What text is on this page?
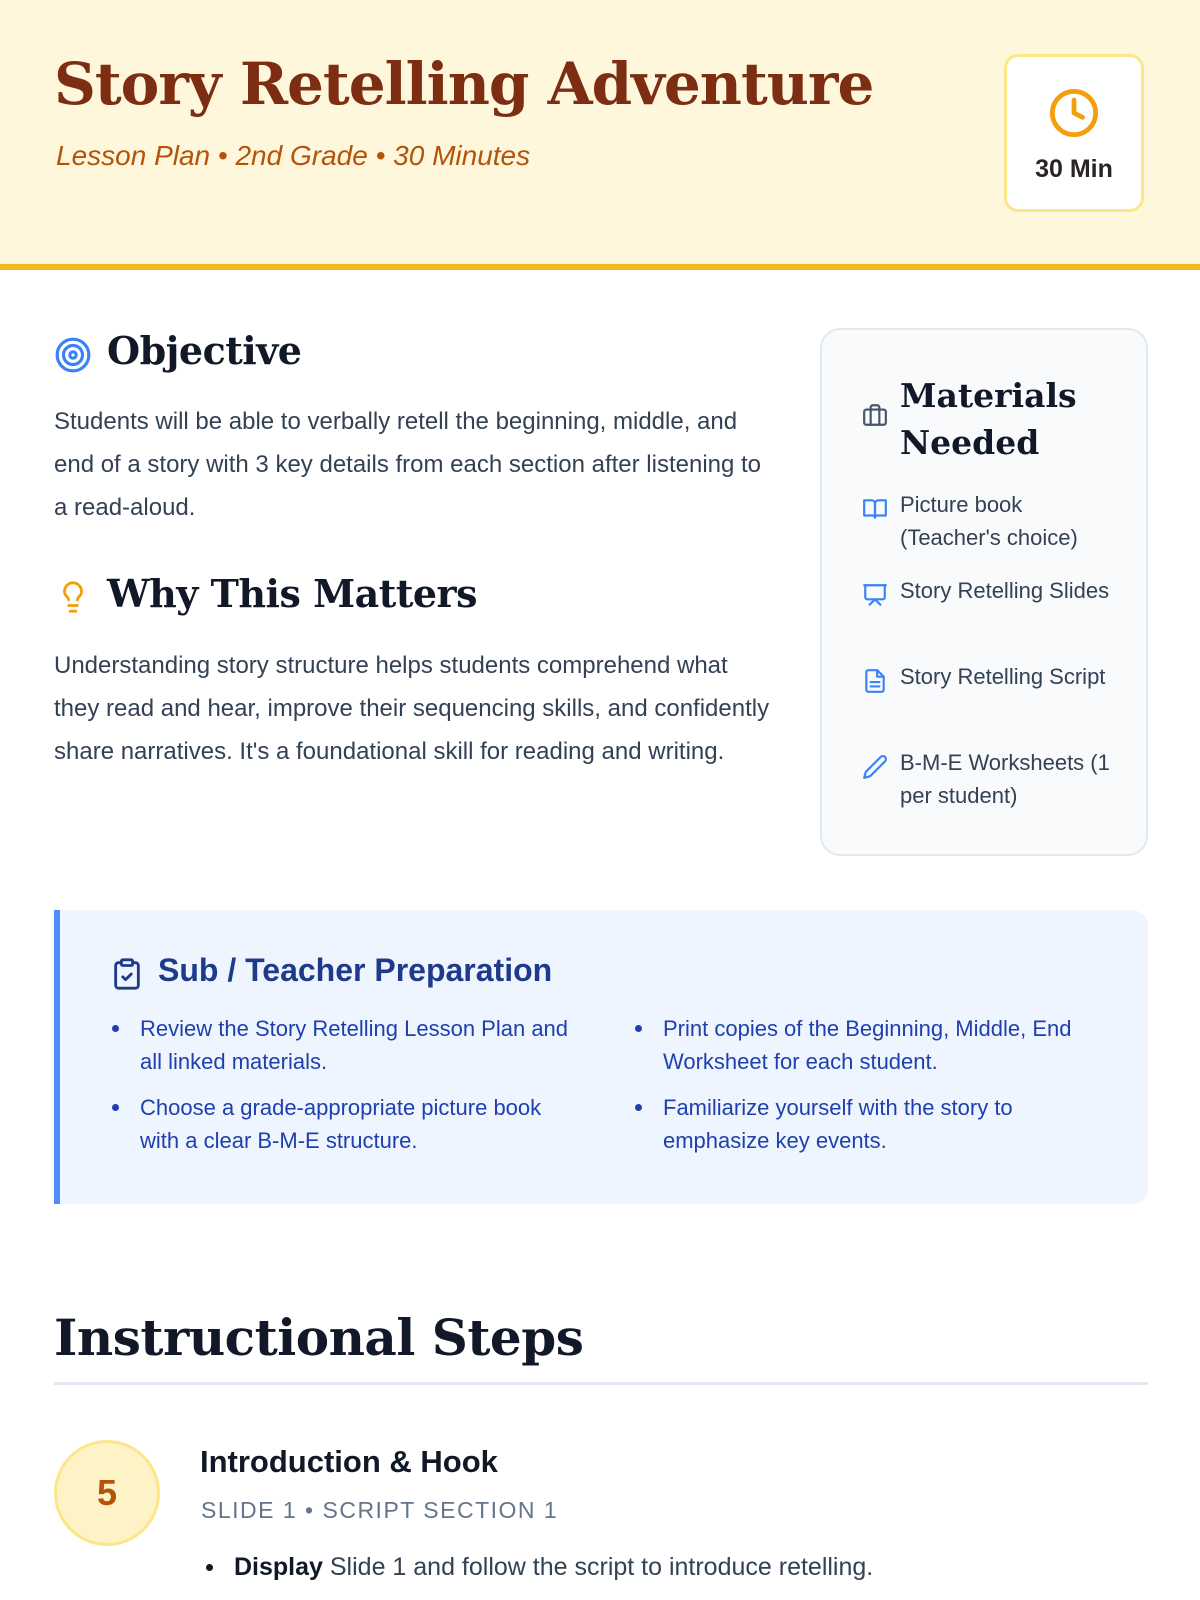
Story Retelling Adventure
Lesson Plan • 2nd Grade • 30 Minutes	30 Min
Objective

Students will be able to verbally retell the beginning, middle, and end of a story with 3 key details from each section after listening to a read-aloud.

Why This Matters

Understanding story structure helps students comprehend what they read and hear, improve their sequencing skills, and confidently share narratives. It's a foundational skill for reading and writing.

Materials Needed
Picture book (Teacher's choice)
Story Retelling Slides
Story Retelling Script
B-M-E Worksheets (1 per student)
Sub / Teacher Preparation
Review the Story Retelling Lesson Plan and all linked materials.
Choose a grade-appropriate picture book with a clear B-M-E structure.
Print copies of the Beginning, Middle, End Worksheet for each student.
Familiarize yourself with the story to emphasize key events.
Instructional Steps
5
Introduction & Hook
SLIDE 1 • SCRIPT SECTION 1

Display Slide 1 and follow the script to introduce retelling.
